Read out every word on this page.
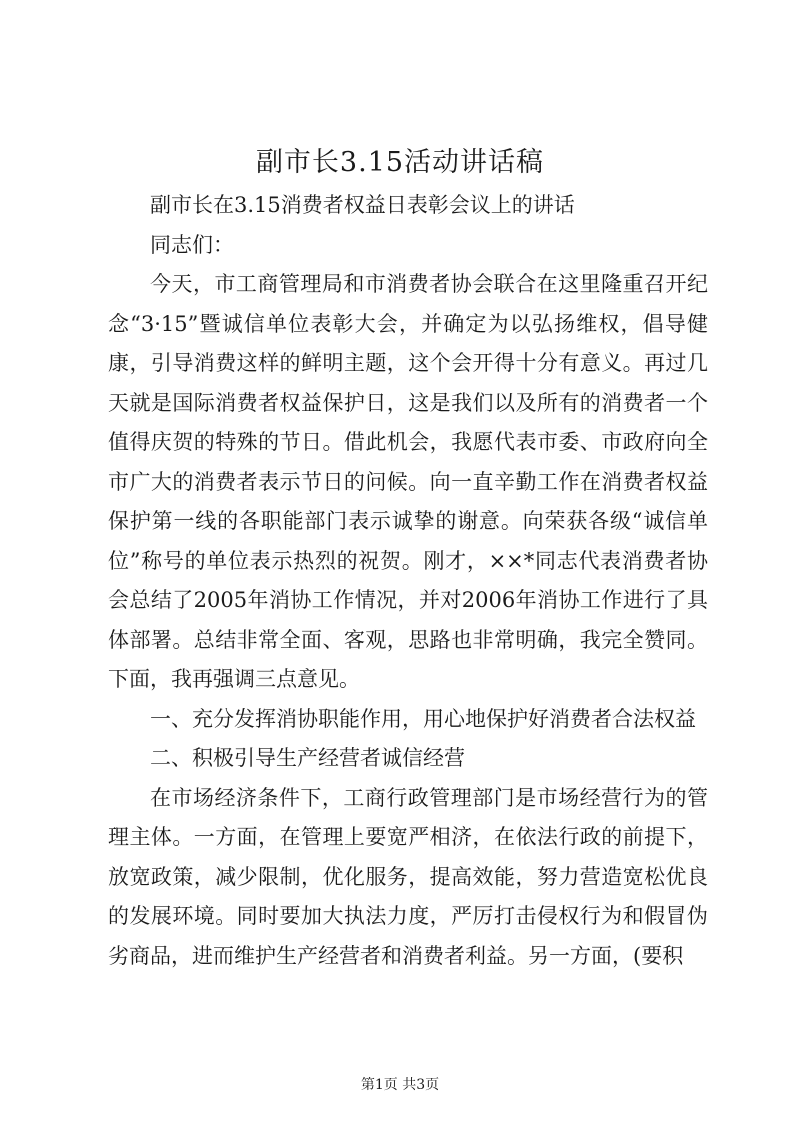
副市长3.15活动讲话稿

副市长在3.15消费者权益日表彰会议上的讲话

同志们：

今天，市工商管理局和市消费者协会联合在这里隆重召开纪念“3·15”暨诚信单位表彰大会，并确定为以弘扬维权，倡导健康，引导消费这样的鲜明主题，这个会开得十分有意义。再过几天就是国际消费者权益保护日，这是我们以及所有的消费者一个值得庆贺的特殊的节日。借此机会，我愿代表市委、市政府向全市广大的消费者表示节日的问候。向一直辛勤工作在消费者权益保护第一线的各职能部门表示诚挚的谢意。向荣获各级“诚信单位”称号的单位表示热烈的祝贺。刚才，××*同志代表消费者协会总结了2005年消协工作情况，并对2006年消协工作进行了具体部署。总结非常全面、客观，思路也非常明确，我完全赞同。下面，我再强调三点意见。

一、充分发挥消协职能作用，用心地保护好消费者合法权益

二、积极引导生产经营者诚信经营

在市场经济条件下，工商行政管理部门是市场经营行为的管理主体。一方面，在管理上要宽严相济，在依法行政的前提下，放宽政策，减少限制，优化服务，提高效能，努力营造宽松优良的发展环境。同时要加大执法力度，严厉打击侵权行为和假冒伪劣商品，进而维护生产经营者和消费者利益。另一方面，(要积

第1页 共3页
